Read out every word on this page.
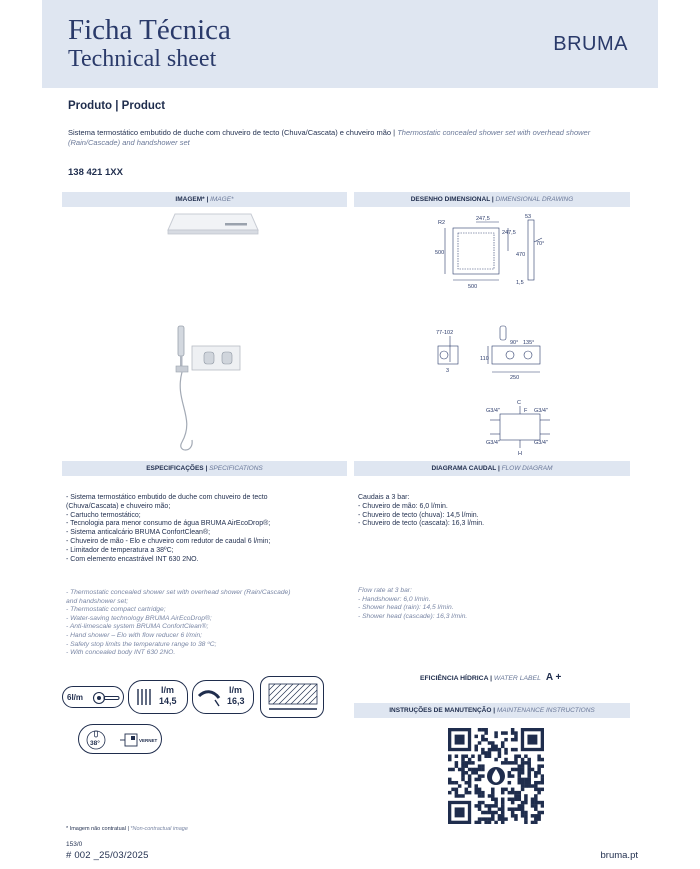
Ficha Técnica
Technical sheet
BRUMA
Produto | Product
Sistema termostático embutido de duche com chuveiro de tecto (Chuva/Cascata) e chuveiro mão | Thermostatic concealed shower set with overhead shower (Rain/Cascade) and handshower set
138 421 1XX
IMAGEM* | IMAGE*	DESENHO DIMENSIONAL | DIMENSIONAL DRAWING
ESPECIFICAÇÕES | SPECIFICATIONS	DIAGRAMA CAUDAL | FLOW DIAGRAM
INSTRUÇÕES DE MANUTENÇÃO | MAINTENANCE INSTRUCTIONS
R2
247,5
247,5
500
500
53
470
70°
1,5
77-102
110
3
90° 135°
250
G3/4"	G3/4"
G3/4"	G3/4"
C
F
H
- Sistema termostático embutido de duche com chuveiro de tecto
(Chuva/Cascata) e chuveiro mão;
- Cartucho termostático;
- Tecnologia para menor consumo de água BRUMA AirEcoDrop®;
- Sistema anticalcário BRUMA ConfortClean®;
- Chuveiro de mão - Elo e chuveiro com redutor de caudal 6 l/min;
- Limitador de temperatura a 38ºC;
- Com elemento encastrável INT 630 2NO.
- Thermostatic concealed shower set with overhead shower (Rain/Cascade)
and handshower set;
- Thermostatic compact cartridge;
- Water-saving technology BRUMA AirEcoDrop®;
- Anti-limescale system BRUMA ConfortClean®;
- Hand shower – Elo with flow reducer 6 l/min;
- Safety stop limits the temperature range to 38 ºC;
- With concealed body INT 630 2NO.
Caudais a 3 bar:
- Chuveiro de mão: 6,0 l/min.
- Chuveiro de tecto (chuva): 14,5 l/min.
- Chuveiro de tecto (cascata): 16,3 l/min.
Flow rate at 3 bar:
- Handshower: 6,0 l/min.
- Shower head (rain): 14,5 l/min.
- Shower head (cascade): 16,3 l/min.
EFICIÊNCIA HÍDRICA | WATER LABEL A +
6l/m
l/m
14,5
l/m
16,3
38°	VERNET
* Imagem não contratual | *Non-contractual image
153/0
# 002 _25/03/2025	bruma.pt
